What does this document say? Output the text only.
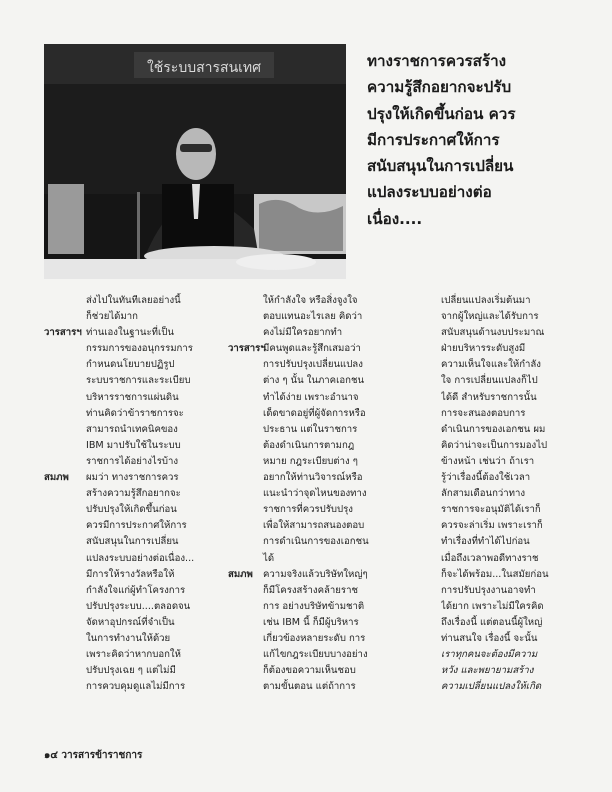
ใช้ระบบสารสนเทศ	ทางราชการควรสร้าง
ความรู้สึกอยากจะปรับ
ปรุงให้เกิดขึ้นก่อน ควร
มีการประกาศให้การ
สนับสนุนในการเปลี่ยน
แปลงระบบอย่างต่อ
เนื่อง....
ส่งไปในทันทีเลยอย่างนี้
ก็ช่วยได้มาก
วารสารฯ ท่านเองในฐานะที่เป็น
กรรมการของอนุกรรมการ
กำหนดนโยบายปฏิรูป
ระบบราชการและระเบียบ
บริหารราชการแผ่นดิน
ท่านคิดว่าข้าราชการจะ
สามารถนำเทคนิคของ
IBM มาปรับใช้ในระบบ
ราชการได้อย่างไรบ้าง
สมภพ ผมว่า ทางราชการควร
สร้างความรู้สึกอยากจะ
ปรับปรุงให้เกิดขึ้นก่อน
ควรมีการประกาศให้การ
สนับสนุนในการเปลี่ยน
แปลงระบบอย่างต่อเนื่อง...
มีการให้รางวัลหรือให้
กำลังใจแก่ผู้ทำโครงการ
ปรับปรุงระบบ....ตลอดจน
จัดหาอุปกรณ์ที่จำเป็น
ในการทำงานให้ด้วย
เพราะคิดว่าหากบอกให้
ปรับปรุงเฉย ๆ แต่ไม่มี
การควบคุมดูแลไม่มีการ
ให้กำลังใจ หรือสิ่งจูงใจ
ตอบแทนอะไรเลย คิดว่า
คงไม่มีใครอยากทำ
วารสารฯ
มีคนพูดและรู้สึกเสมอว่า
การปรับปรุงเปลี่ยนแปลง
ต่าง ๆ นั้น ในภาคเอกชน
ทำได้ง่าย เพราะอำนาจ
เด็ดขาดอยู่ที่ผู้จัดการหรือ
ประธาน แต่ในราชการ
ต้องดำเนินการตามกฎ
หมาย กฎระเบียบต่าง ๆ
อยากให้ท่านวิจารณ์หรือ
แนะนำว่าจุดไหนของทาง
ราชการที่ควรปรับปรุง
เพื่อให้สามารถสนองตอบ
การดำเนินการของเอกชน
ได้
สมภพ ความจริงแล้วบริษัทใหญ่ๆ
ก็มีโครงสร้างคล้ายราช
การ อย่างบริษัทข้ามชาติ
เช่น IBM นี้ ก็มีผู้บริหาร
เกี่ยวข้องหลายระดับ การ
แก้ไขกฎระเบียบบางอย่าง
ก็ต้องขอความเห็นชอบ
ตามขั้นตอน แต่ถ้าการ
เปลี่ยนแปลงเริ่มต้นมา
จากผู้ใหญ่และได้รับการ
สนับสนุนด้านงบประมาณ
ฝ่ายบริหารระดับสูงมี
ความเห็นใจและให้กำลัง
ใจ การเปลี่ยนแปลงก็ไป
ได้ดี สำหรับราชการนั้น
การจะสนองตอบการ
ดำเนินการของเอกชน ผม
คิดว่าน่าจะเป็นการมองไป
ข้างหน้า เช่นว่า ถ้าเรา
รู้ว่าเรื่องนี้ต้องใช้เวลา
ลักสามเดือนกว่าทาง
ราชการจะอนุมัติได้เราก็
ควรจะล่าเริ่ม เพราะเราก็
ทำเรื่องที่ทำได้ไปก่อน
เมื่อถึงเวลาพอดีทางราช
ก็จะได้พร้อม...ในสมัยก่อน
การปรับปรุงงานอาจทำ
ได้ยาก เพราะไม่มีใครคิด
ถึงเรื่องนี้ แต่ตอนนี้ผู้ใหญ่
ท่านสนใจ เรื่องนี้ จะนั้น
เราทุกคนจะต้องมีความ
หวัง และพยายามสร้าง
ความเปลี่ยนแปลงให้เกิด
๑๔ วารสารข้าราชการ
